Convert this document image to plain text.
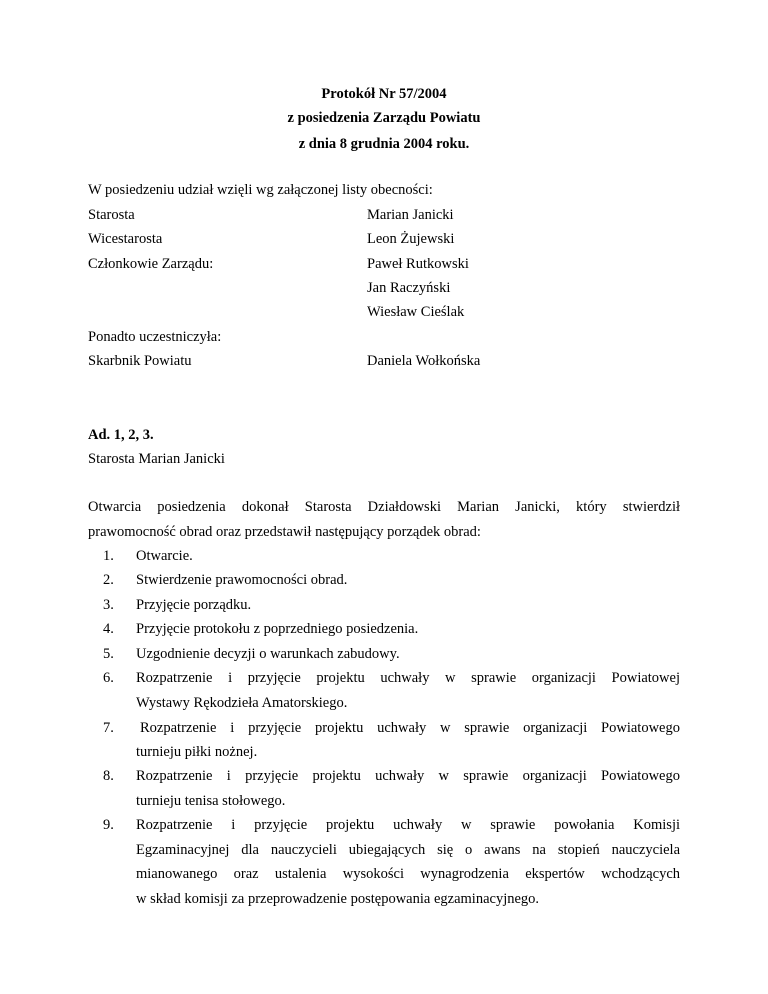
Protokół Nr 57/2004
z posiedzenia Zarządu Powiatu
z dnia 8 grudnia 2004 roku.
W posiedzeniu udział wzięli wg załączonej listy obecności:
Starosta	Marian Janicki
Wicestarosta	Leon Żujewski
Członkowie Zarządu:	Paweł Rutkowski
Jan Raczyński
Wiesław Cieślak
Ponadto uczestniczyła:
Skarbnik Powiatu	Daniela Wołkońska
Ad. 1, 2, 3.
Starosta Marian Janicki
Otwarcia posiedzenia dokonał Starosta Działdowski Marian Janicki, który stwierdził
prawomocność obrad oraz przedstawił następujący porządek obrad:
1. Otwarcie.
2. Stwierdzenie prawomocności obrad.
3. Przyjęcie porządku.
4. Przyjęcie protokołu z poprzedniego posiedzenia.
5. Uzgodnienie decyzji o warunkach zabudowy.
6. Rozpatrzenie i przyjęcie projektu uchwały w sprawie organizacji Powiatowej
Wystawy Rękodzieła Amatorskiego.
7. Rozpatrzenie i przyjęcie projektu uchwały w sprawie organizacji Powiatowego
turnieju piłki nożnej.
8. Rozpatrzenie i przyjęcie projektu uchwały w sprawie organizacji Powiatowego
turnieju tenisa stołowego.
9. Rozpatrzenie i przyjęcie projektu uchwały w sprawie powołania Komisji
Egzaminacyjnej dla nauczycieli ubiegających się o awans na stopień nauczyciela
mianowanego oraz ustalenia wysokości wynagrodzenia ekspertów wchodzących
w skład komisji za przeprowadzenie postępowania egzaminacyjnego.
